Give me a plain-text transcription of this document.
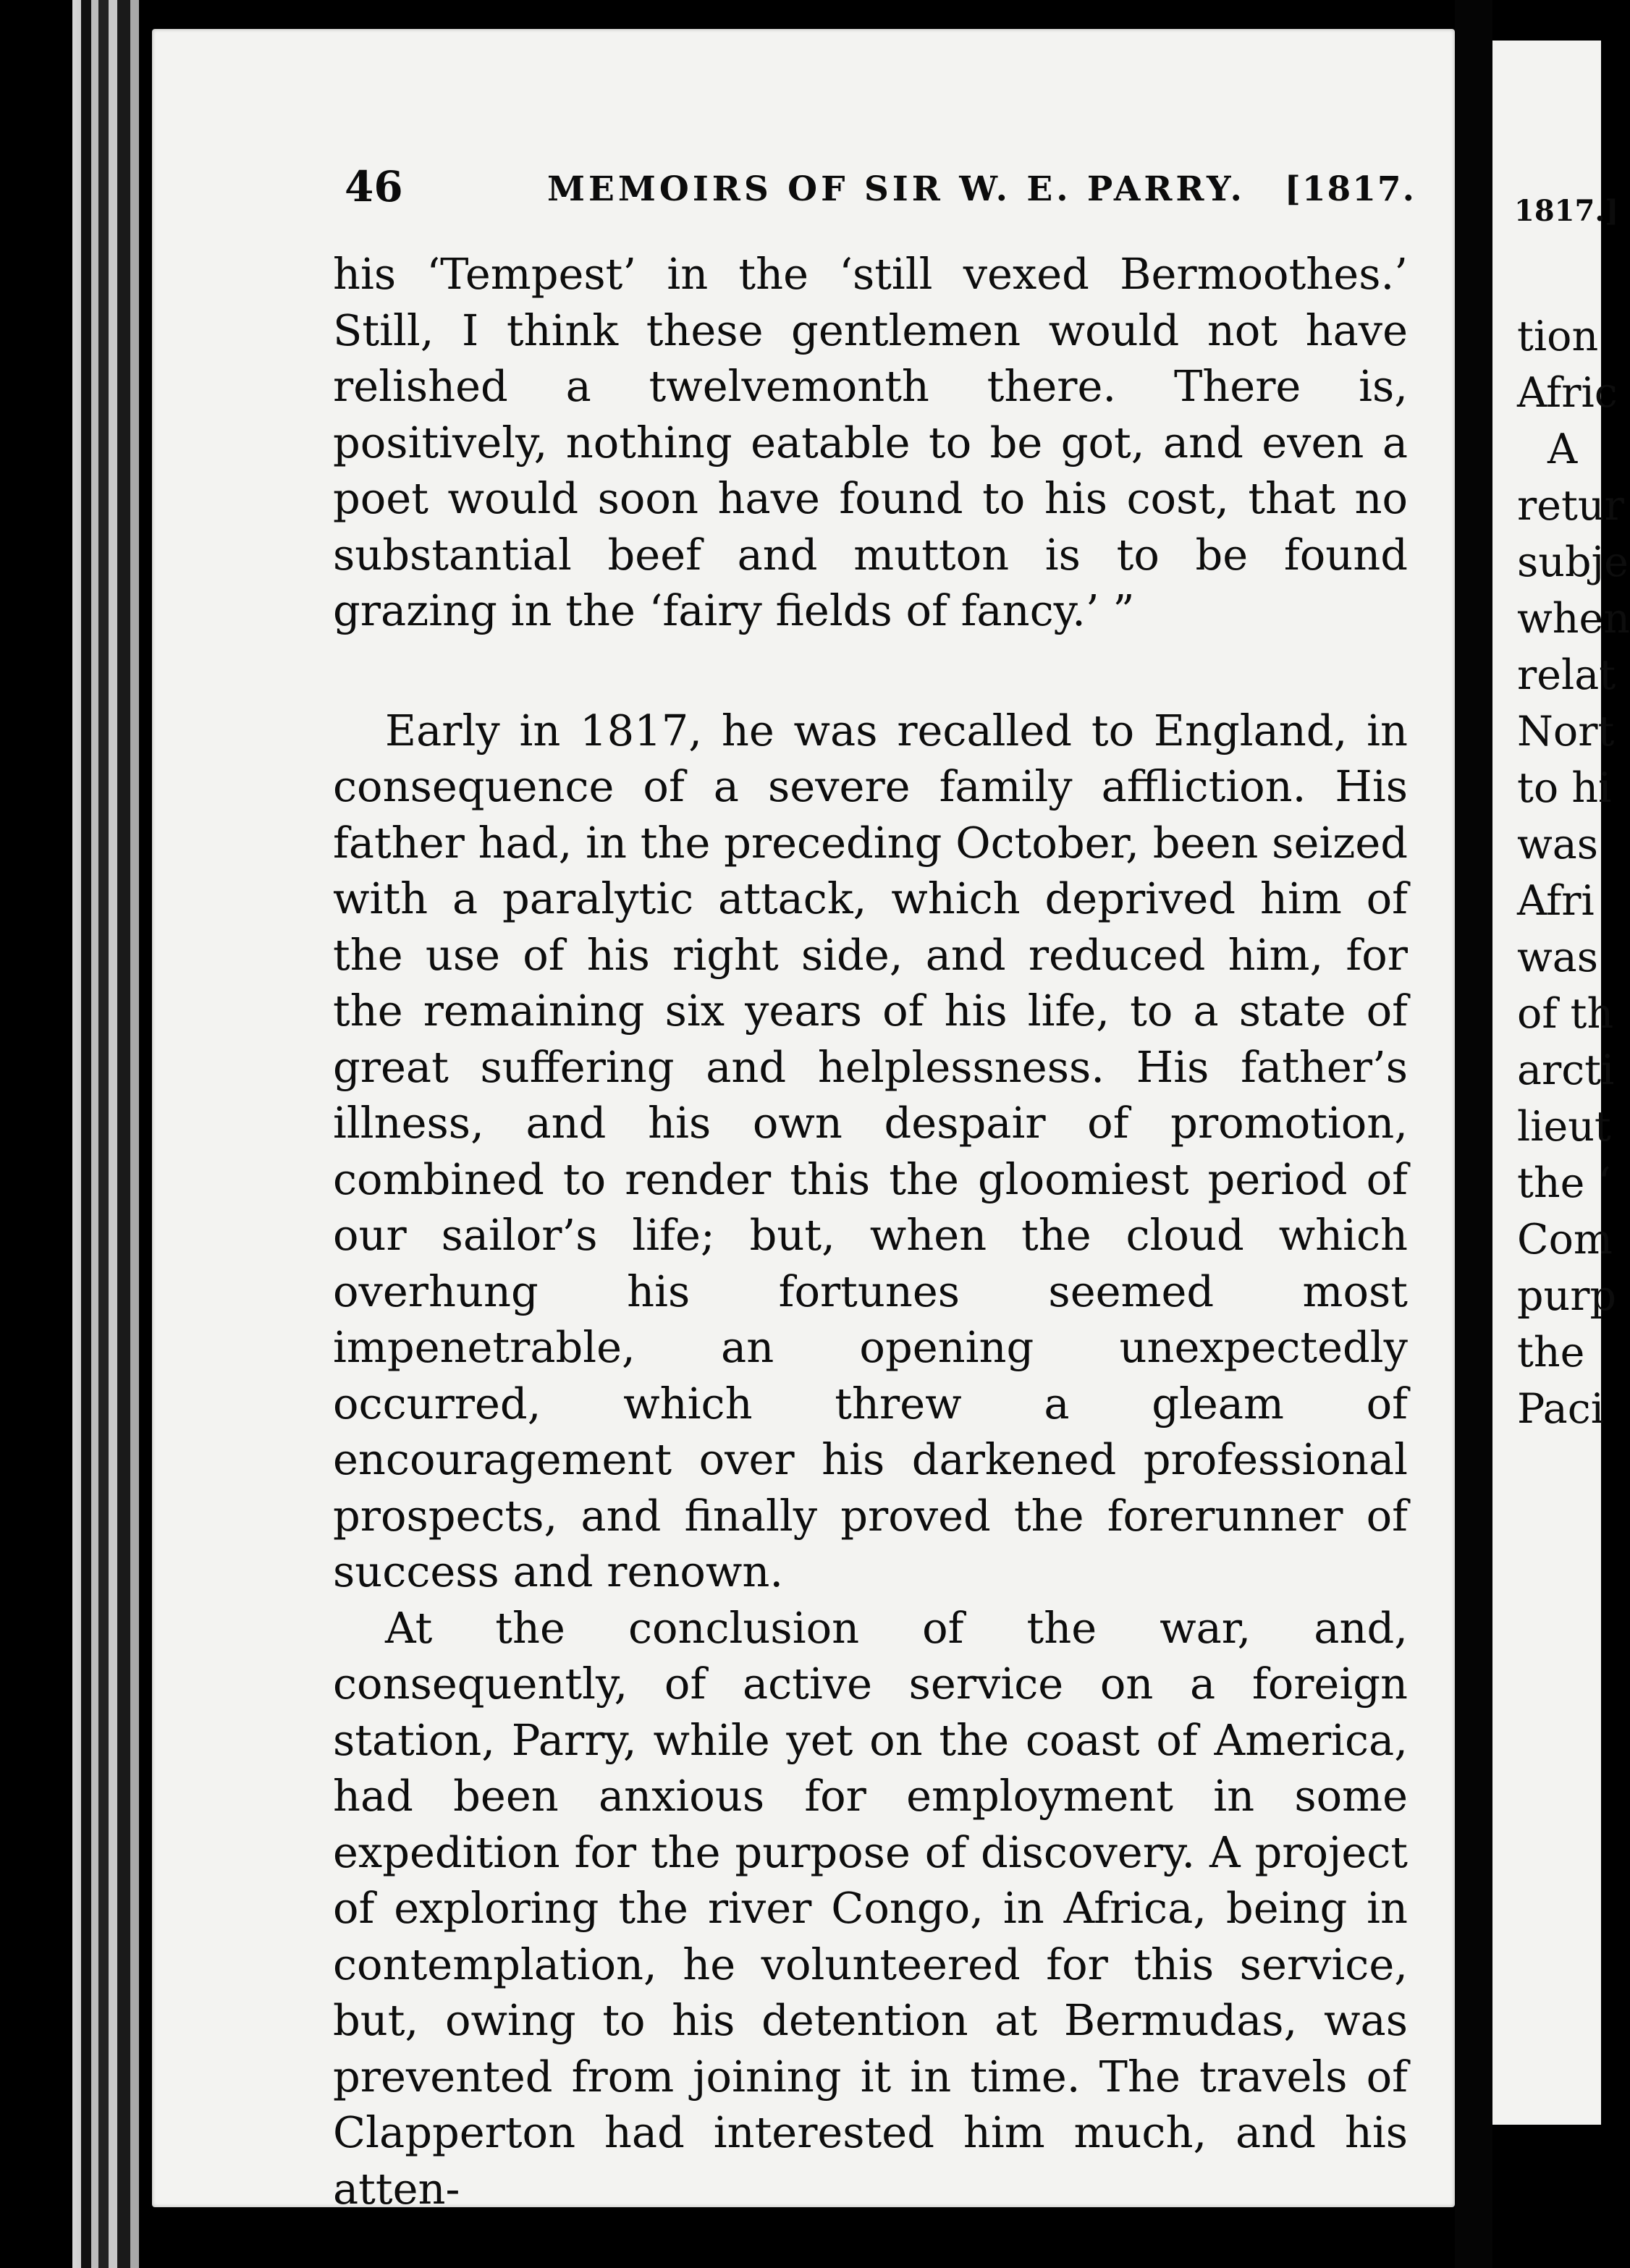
46	MEMOIRS OF SIR W. E. PARRY. [1817.

his ‘Tempest’ in the ‘still vexed Bermoothes.’ Still, I think these gentlemen would not have relished a twelvemonth there. There is, positively, nothing eatable to be got, and even a poet would soon have found to his cost, that no substantial beef and mutton is to be found grazing in the ‘fairy fields of fancy.’ ”

Early in 1817, he was recalled to England, in consequence of a severe family affliction. His father had, in the preceding October, been seized with a paralytic attack, which deprived him of the use of his right side, and reduced him, for the remaining six years of his life, to a state of great suffering and helplessness. His father’s illness, and his own despair of promotion, combined to render this the gloomiest period of our sailor’s life; but, when the cloud which overhung his fortunes seemed most impenetrable, an opening unexpectedly occurred, which threw a gleam of encouragement over his darkened professional prospects, and finally proved the forerunner of success and renown.

At the conclusion of the war, and, consequently, of active service on a foreign station, Parry, while yet on the coast of America, had been anxious for employment in some expedition for the purpose of discovery. A project of exploring the river Congo, in Africa, being in contemplation, he volunteered for this service, but, owing to his detention at Bermudas, was prevented from joining it in time. The travels of Clapperton had interested him much, and his atten-

1817.]
tion
Afric
A
retur
subje
when
relat
Nort
to hi
was
Afri
was
of th
arcti
lieut
the ‘
Com
purp
the
Paci
